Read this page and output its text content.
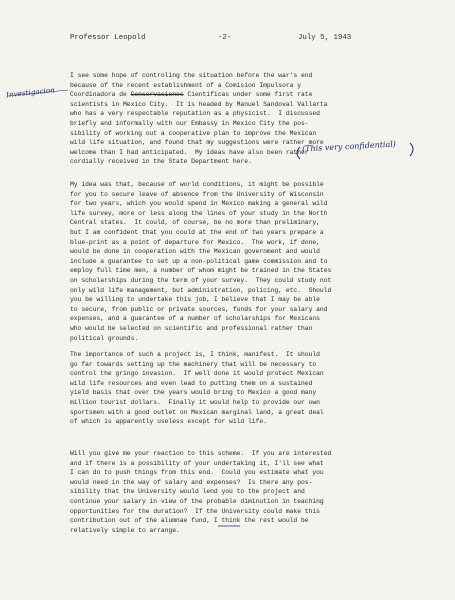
Professor Leopold	-2-	July 5, 1943
Investigacion
I see some hope of controling the situation before the war's end
because of the recent establishment of a Comision Impulsora y
Coordinadora de Conservaciones Cientificas under some first rate
scientists in Mexico City.  It is headed by Manuel Sandoval Vallarta
who has a very respectable reputation as a physicist.  I discussed
briefly and informally with our Embassy in Mexico City the pos-
sibility of working out a cooperative plan to improve the Mexican
wild life situation, and found that my suggestions were rather more
welcome than I had anticipated.  My ideas have also been rather
cordially received in the State Department here.
(This very confidential)
My idea was that, because of world conditions, it might be possible
for you to secure leave of absence from the University of Wisconsin
for two years, which you would spend in Mexico making a general wild
life survey, more or less along the lines of your study in the North
Central states.  It could, of course, be no more than preliminary,
but I am confident that you could at the end of two years prepare a
blue-print as a point of departure for Mexico.  The work, if done,
would be done in cooperation with the Mexican government and would
include a guarantee to set up a non-political game commission and to
employ full time men, a number of whom might be trained in the States
on scholarships during the term of your survey.  They could study not
only wild life management, but administration, policing, etc.  Should
you be willing to undertake this job, I believe that I may be able
to secure, from public or private sources, funds for your salary and
expenses, and a guarantee of a number of scholarships for Mexicans
who would be selected on scientific and professional rather than
political grounds.
The importance of such a project is, I think, manifest.  It should
go far towards setting up the machinery that will be necessary to
control the gringo invasion.  If well done it would protect Mexican
wild life resources and even lead to putting them on a sustained
yield basis that over the years would bring to Mexico a good many
million tourist dollars.  Finally it would help to provide our own
sportsmen with a good outlet on Mexican marginal land, a great deal
of which is apparently useless except for wild life.
Will you give me your reaction to this scheme.  If you are interested
and if there is a possibility of your undertaking it, I'll see what
I can do to push things from this end.  Could you estimate what you
would need in the way of salary and expenses?  Is there any pos-
sibility that the University would lend you to the project and
continue your salary in view of the probable diminution in teaching
opportunities for the duration?  If the University could make this
contribution out of the alumnae fund, I think the rest would be
relatively simple to arrange.
